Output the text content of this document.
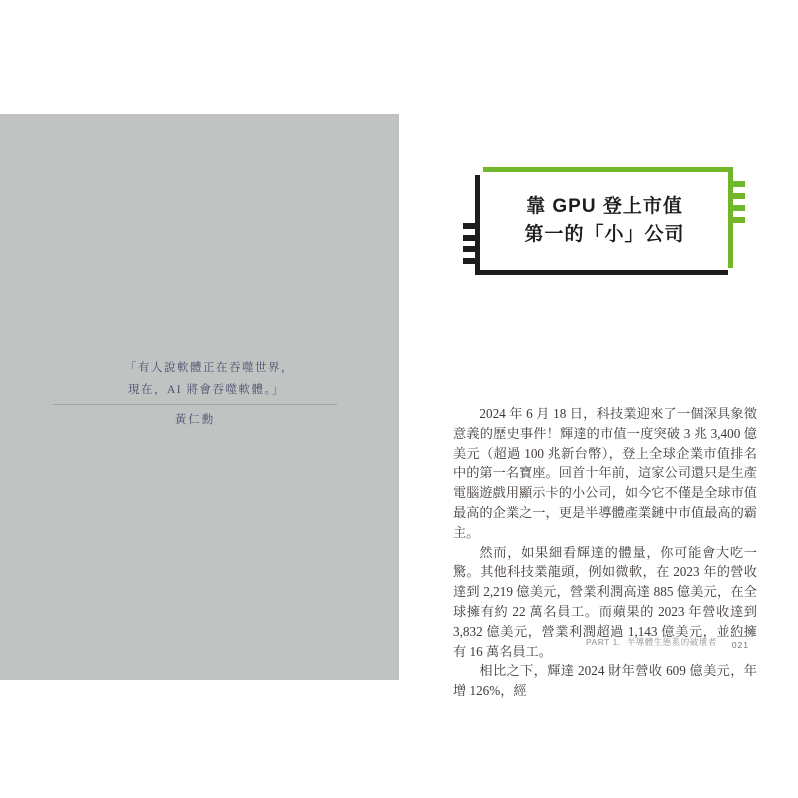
「有人說軟體正在吞噬世界，
現在，AI 將會吞噬軟體。」
黃仁勳
靠 GPU 登上市值
第一的「小」公司

2024 年 6 月 18 日，科技業迎來了一個深具象徵意義的歷史事件！輝達的市值一度突破 3 兆 3,400 億美元（超過 100 兆新台幣），登上全球企業市值排名中的第一名寶座。回首十年前，這家公司還只是生產電腦遊戲用顯示卡的小公司，如今它不僅是全球市值最高的企業之一，更是半導體產業鏈中市值最高的霸主。

然而，如果細看輝達的體量，你可能會大吃一驚。其他科技業龍頭，例如微軟，在 2023 年的營收達到 2,219 億美元，營業利潤高達 885 億美元，在全球擁有約 22 萬名員工。而蘋果的 2023 年營收達到 3,832 億美元，營業利潤超過 1,143 億美元，並約擁有 16 萬名員工。

相比之下，輝達 2024 財年營收 609 億美元，年增 126%，經

PART 1．半導體生態系的破壞者 021
